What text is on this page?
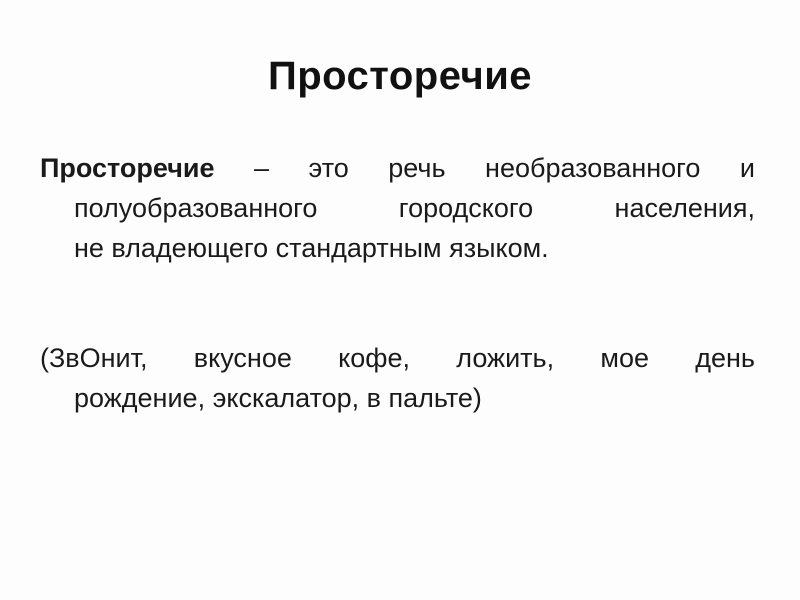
Просторечие
Просторечие – это речь необразованного и
полуобразованного городского населения,
не владеющего стандартным языком.
(ЗвОнит, вкусное кофе, ложить, мое день
рождение, экскалатор, в пальте)
